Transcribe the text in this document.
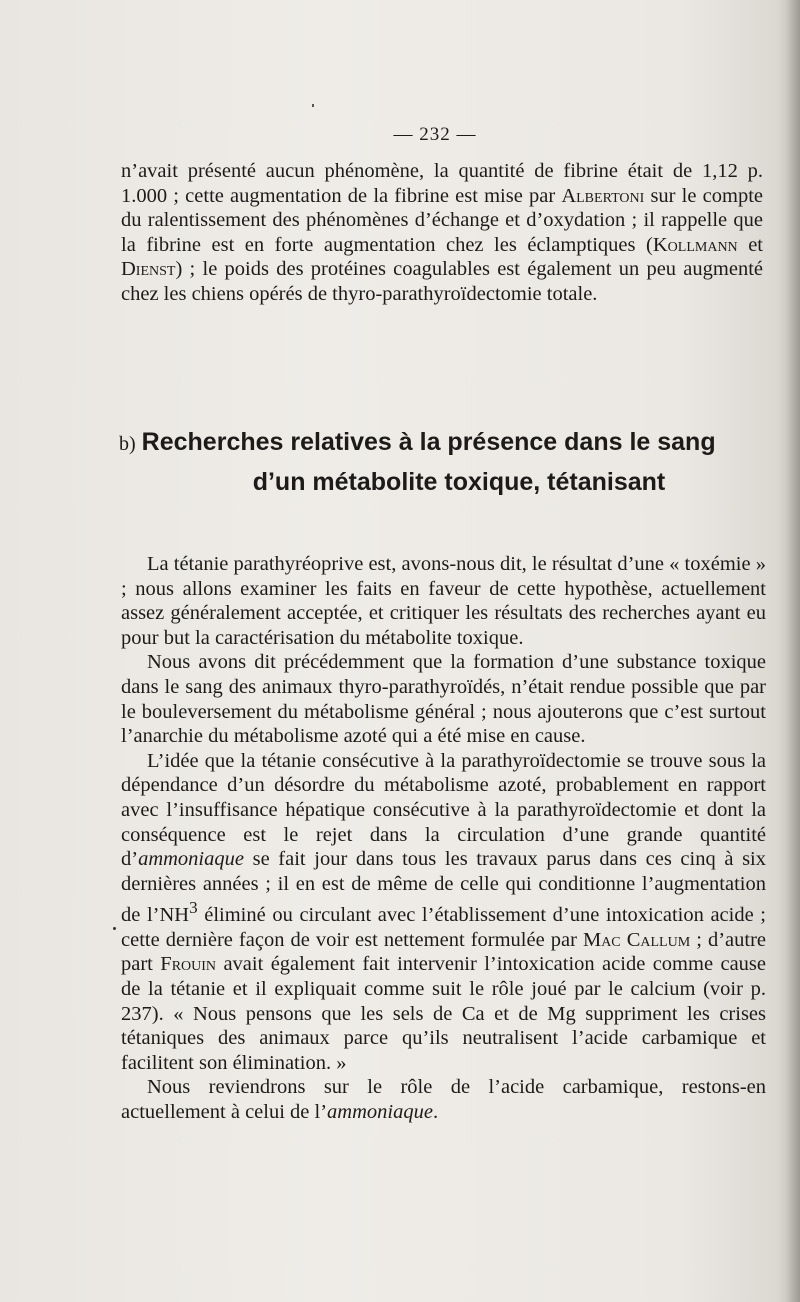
— 232 —

n’avait présenté aucun phénomène, la quantité de fibrine était de 1,12 p. 1.000 ; cette augmentation de la fibrine est mise par Albertoni sur le compte du ralentissement des phénomènes d’échange et d’oxydation ; il rappelle que la fibrine est en forte augmentation chez les éclamptiques (Kollmann et Dienst) ; le poids des protéines coagulables est également un peu augmenté chez les chiens opérés de thyro-parathyroïdectomie totale.

b) Recherches relatives à la présence dans le sang
d’un métabolite toxique, tétanisant

La tétanie parathyréoprive est, avons-nous dit, le résultat d’une « toxémie » ; nous allons examiner les faits en faveur de cette hypothèse, actuellement assez généralement acceptée, et critiquer les résultats des recherches ayant eu pour but la caractérisation du métabolite toxique.

Nous avons dit précédemment que la formation d’une substance toxique dans le sang des animaux thyro-parathyroïdés, n’était rendue possible que par le bouleversement du métabolisme général ; nous ajouterons que c’est surtout l’anarchie du métabolisme azoté qui a été mise en cause.

L’idée que la tétanie consécutive à la parathyroïdectomie se trouve sous la dépendance d’un désordre du métabolisme azoté, probablement en rapport avec l’insuffisance hépatique consécutive à la parathyroïdectomie et dont la conséquence est le rejet dans la circulation d’une grande quantité d’ammoniaque se fait jour dans tous les travaux parus dans ces cinq à six dernières années ; il en est de même de celle qui conditionne l’augmentation de $l’NH^3$ éliminé ou circulant avec l’établissement d’une intoxication acide ; cette dernière façon de voir est nettement formulée par Mac Callum ; d’autre part Frouin avait également fait intervenir l’intoxication acide comme cause de la tétanie et il expliquait comme suit le rôle joué par le calcium (voir p. 237). « Nous pensons que les sels de Ca et de Mg suppriment les crises tétaniques des animaux parce qu’ils neutralisent l’acide carbamique et facilitent son élimination. »

Nous reviendrons sur le rôle de l’acide carbamique, restons-en actuellement à celui de l’ammoniaque.
